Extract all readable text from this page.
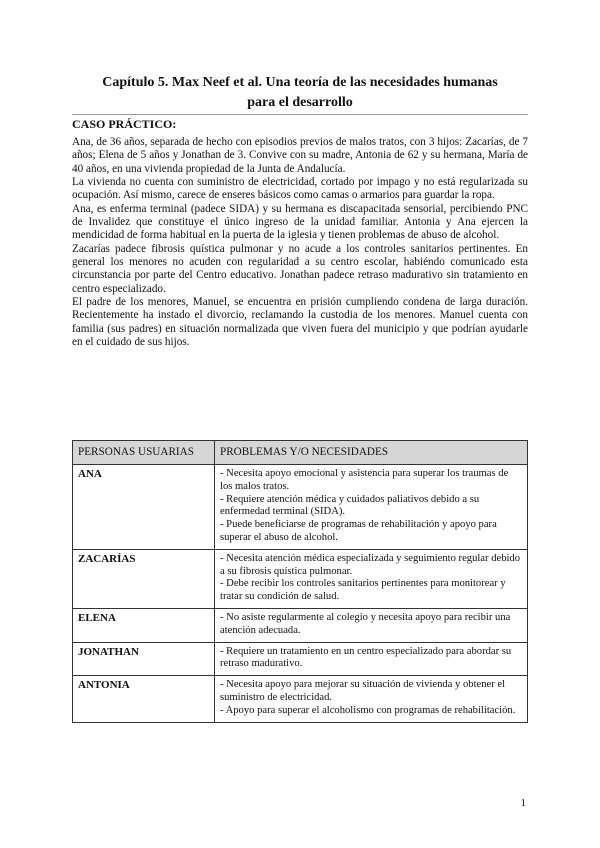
Capítulo 5. Max Neef et al. Una teoría de las necesidades humanas
para el desarrollo
CASO PRÁCTICO:

Ana, de 36 años, separada de hecho con episodios previos de malos tratos, con 3 hijos: Zacarías, de 7 años; Elena de 5 años y Jonathan de 3. Convive con su madre, Antonia de 62 y su hermana, María de 40 años, en una vivienda propiedad de la Junta de Andalucía.

La vivienda no cuenta con suministro de electricidad, cortado por impago y no está regularizada su ocupación. Así mismo, carece de enseres básicos como camas o armarios para guardar la ropa.

Ana, es enferma terminal (padece SIDA) y su hermana es discapacitada sensorial, percibiendo PNC de Invalidez que constituye el único ingreso de la unidad familiar. Antonia y Ana ejercen la mendicidad de forma habitual en la puerta de la iglesia y tienen problemas de abuso de alcohol.

Zacarías padece fibrosis quística pulmonar y no acude a los controles sanitarios pertinentes. En general los menores no acuden con regularidad a su centro escolar, habiéndo comunicado esta circunstancia por parte del Centro educativo. Jonathan padece retraso madurativo sin tratamiento en centro especializado.

El padre de los menores, Manuel, se encuentra en prisión cumpliendo condena de larga duración. Recientemente ha instado el divorcio, reclamando la custodia de los menores. Manuel cuenta con familia (sus padres) en situación normalizada que viven fuera del municipio y que podrían ayudarle en el cuidado de sus hijos.

PERSONAS USUARIAS	PROBLEMAS Y/O NECESIDADES
ANA	- Necesita apoyo emocional y asistencia para superar los traumas de los malos tratos.
- Requiere atención médica y cuidados paliativos debido a su enfermedad terminal (SIDA).
- Puede beneficiarse de programas de rehabilitación y apoyo para superar el abuso de alcohol.

ZACARÍAS	- Necesita atención médica especializada y seguimiento regular debido a su fibrosis quística pulmonar.
- Debe recibir los controles sanitarios pertinentes para monitorear y tratar su condición de salud.

ELENA	- No asiste regularmente al colegio y necesita apoyo para recibir una atención adecuada.

JONATHAN	- Requiere un tratamiento en un centro especializado para abordar su retraso madurativo.

ANTONIA	- Necesita apoyo para mejorar su situación de vivienda y obtener el suministro de electricidad.
- Apoyo para superar el alcoholismo con programas de rehabilitación.
1
